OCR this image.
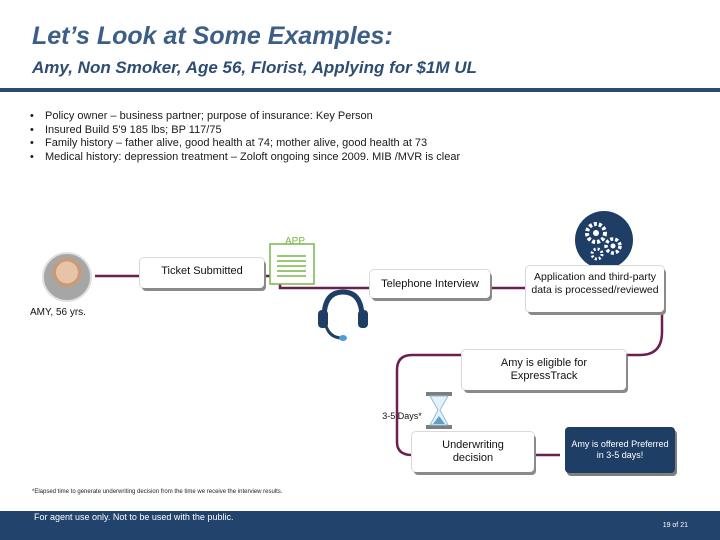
Let’s Look at Some Examples:
Amy, Non Smoker, Age 56, Florist, Applying for $1M UL
• Policy owner – business partner; purpose of insurance: Key Person
• Insured Build 5'9 185 lbs; BP 117/75
• Family history – father alive, good health at 74; mother alive, good health at 73
• Medical history: depression treatment – Zoloft ongoing since 2009. MIB /MVR is clear
APP
AMY, 56 yrs.
Ticket Submitted
Telephone Interview
Application and third-party data is processed/reviewed
Amy is eligible for ExpressTrack
3-5 Days*
Underwriting decision
Amy is offered Preferred in 3-5 days!
*Elapsed time to generate underwriting decision from the time we receive the interview results.
For agent use only. Not to be used with the public.
19 of 21
